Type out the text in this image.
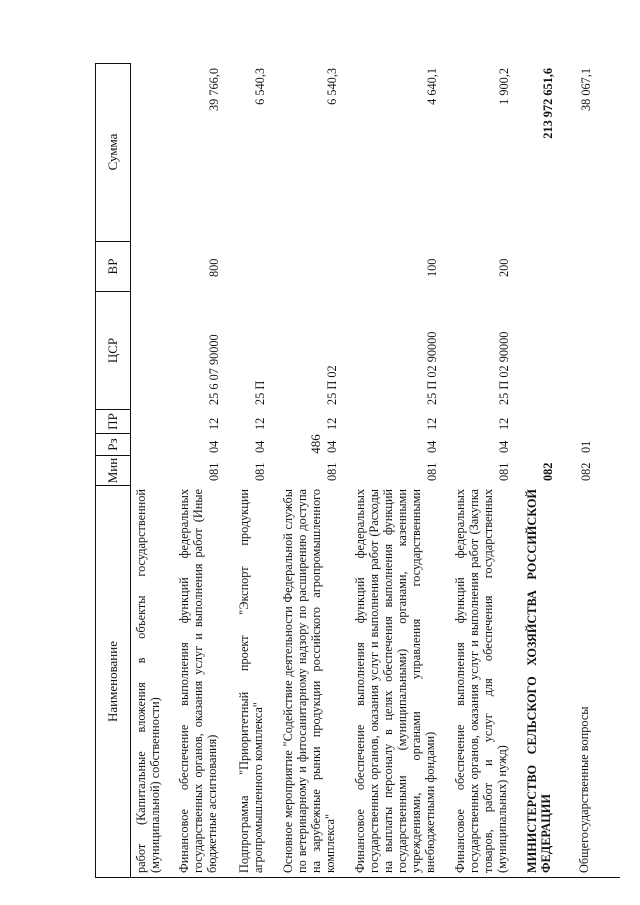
486
Наименование
Мин
Рз
ПР
ЦСР
ВР
Сумма
работ (Капитальные вложения в объекты государственной (муниципальной) собственности) Финансовое обеспечение выполнения функций федеральных государственных органов, оказания услуг и выполнения работ (Иные бюджетные ассигнования)
081
04
12
25 6 07 90000
800
39 766,0
Подпрограмма "Приоритетный проект "Экспорт продукции агропромышленного комплекса"
081
04
12
25 П
6 540,3
Основное мероприятие "Содействие деятельности Федеральной службы по ветеринарному и фитосанитарному надзору по расширению доступа на зарубежные рынки продукции российского агропромышленного комплекса"
081
04
12
25 П 02
6 540,3
Финансовое обеспечение выполнения функций федеральных государственных органов, оказания услуг и выполнения работ (Расходы на выплаты персоналу в целях обеспечения выполнения функций государственными (муниципальными) органами, казенными учреждениями, органами управления государственными внебюджетными фондами)
081
04
12
25 П 02 90000
100
4 640,1
Финансовое обеспечение выполнения функций федеральных государственных органов, оказания услуг и выполнения работ (Закупка товаров, работ и услуг для обеспечения государственных (муниципальных) нужд)
081
04
12
25 П 02 90000
200
1 900,2
МИНИСТЕРСТВО СЕЛЬСКОГО ХОЗЯЙСТВА РОССИЙСКОЙ ФЕДЕРАЦИИ
082
213 972 651,6
Общегосударственные вопросы
082
01
38 067,1
